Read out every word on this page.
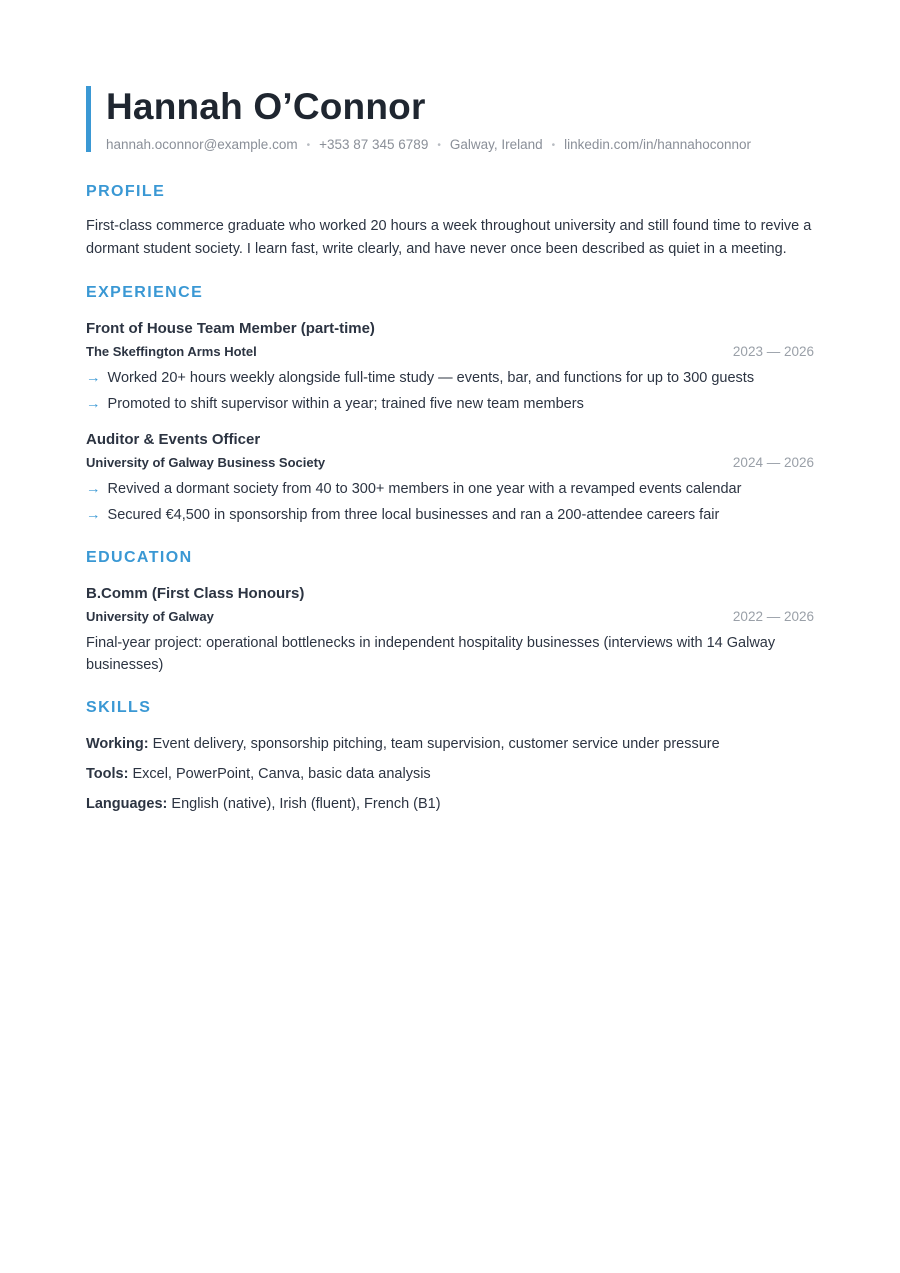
Hannah O’Connor
hannah.oconnor@example.com • +353 87 345 6789 • Galway, Ireland • linkedin.com/in/hannahoconnor
PROFILE

First-class commerce graduate who worked 20 hours a week throughout university and still found time to revive a dormant student society. I learn fast, write clearly, and have never once been described as quiet in a meeting.

EXPERIENCE
Front of House Team Member (part-time)
The Skeffington Arms Hotel	2023 — 2026
→ Worked 20+ hours weekly alongside full-time study — events, bar, and functions for up to 300 guests
→ Promoted to shift supervisor within a year; trained five new team members
Auditor & Events Officer
University of Galway Business Society	2024 — 2026
→ Revived a dormant society from 40 to 300+ members in one year with a revamped events calendar
→ Secured €4,500 in sponsorship from three local businesses and ran a 200-attendee careers fair
EDUCATION
B.Comm (First Class Honours)
University of Galway	2022 — 2026
Final-year project: operational bottlenecks in independent hospitality businesses (interviews with 14 Galway businesses)
SKILLS
Working: Event delivery, sponsorship pitching, team supervision, customer service under pressure
Tools: Excel, PowerPoint, Canva, basic data analysis
Languages: English (native), Irish (fluent), French (B1)
